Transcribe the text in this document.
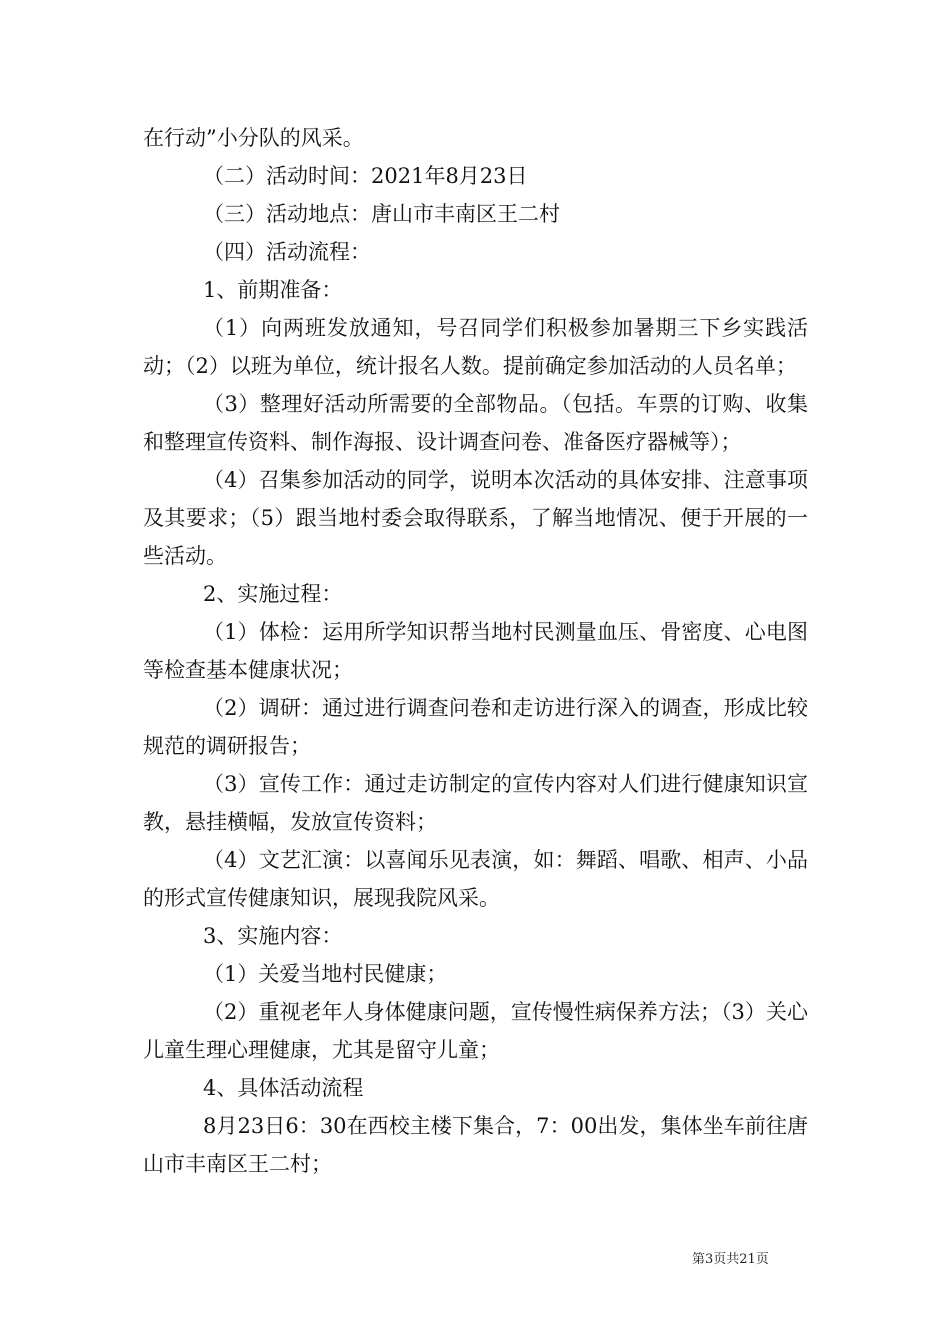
在行动”小分队的风采。

（二）活动时间：2021年8月23日

（三）活动地点：唐山市丰南区王二村

（四）活动流程：

1、前期准备：

（1）向两班发放通知，号召同学们积极参加暑期三下乡实践活动；（2）以班为单位，统计报名人数。提前确定参加活动的人员名单；

（3）整理好活动所需要的全部物品。（包括。车票的订购、收集和整理宣传资料、制作海报、设计调查问卷、准备医疗器械等）；

（4）召集参加活动的同学，说明本次活动的具体安排、注意事项及其要求；（5）跟当地村委会取得联系，了解当地情况、便于开展的一些活动。

2、实施过程：

（1）体检：运用所学知识帮当地村民测量血压、骨密度、心电图等检查基本健康状况；

（2）调研：通过进行调查问卷和走访进行深入的调查，形成比较规范的调研报告；

（3）宣传工作：通过走访制定的宣传内容对人们进行健康知识宣教，悬挂横幅，发放宣传资料；

（4）文艺汇演：以喜闻乐见表演，如：舞蹈、唱歌、相声、小品的形式宣传健康知识，展现我院风采。

3、实施内容：

（1）关爱当地村民健康；

（2）重视老年人身体健康问题，宣传慢性病保养方法；（3）关心儿童生理心理健康，尤其是留守儿童；

4、具体活动流程

8月23日6：30在西校主楼下集合，7：00出发，集体坐车前往唐山市丰南区王二村；

第3页共21页
